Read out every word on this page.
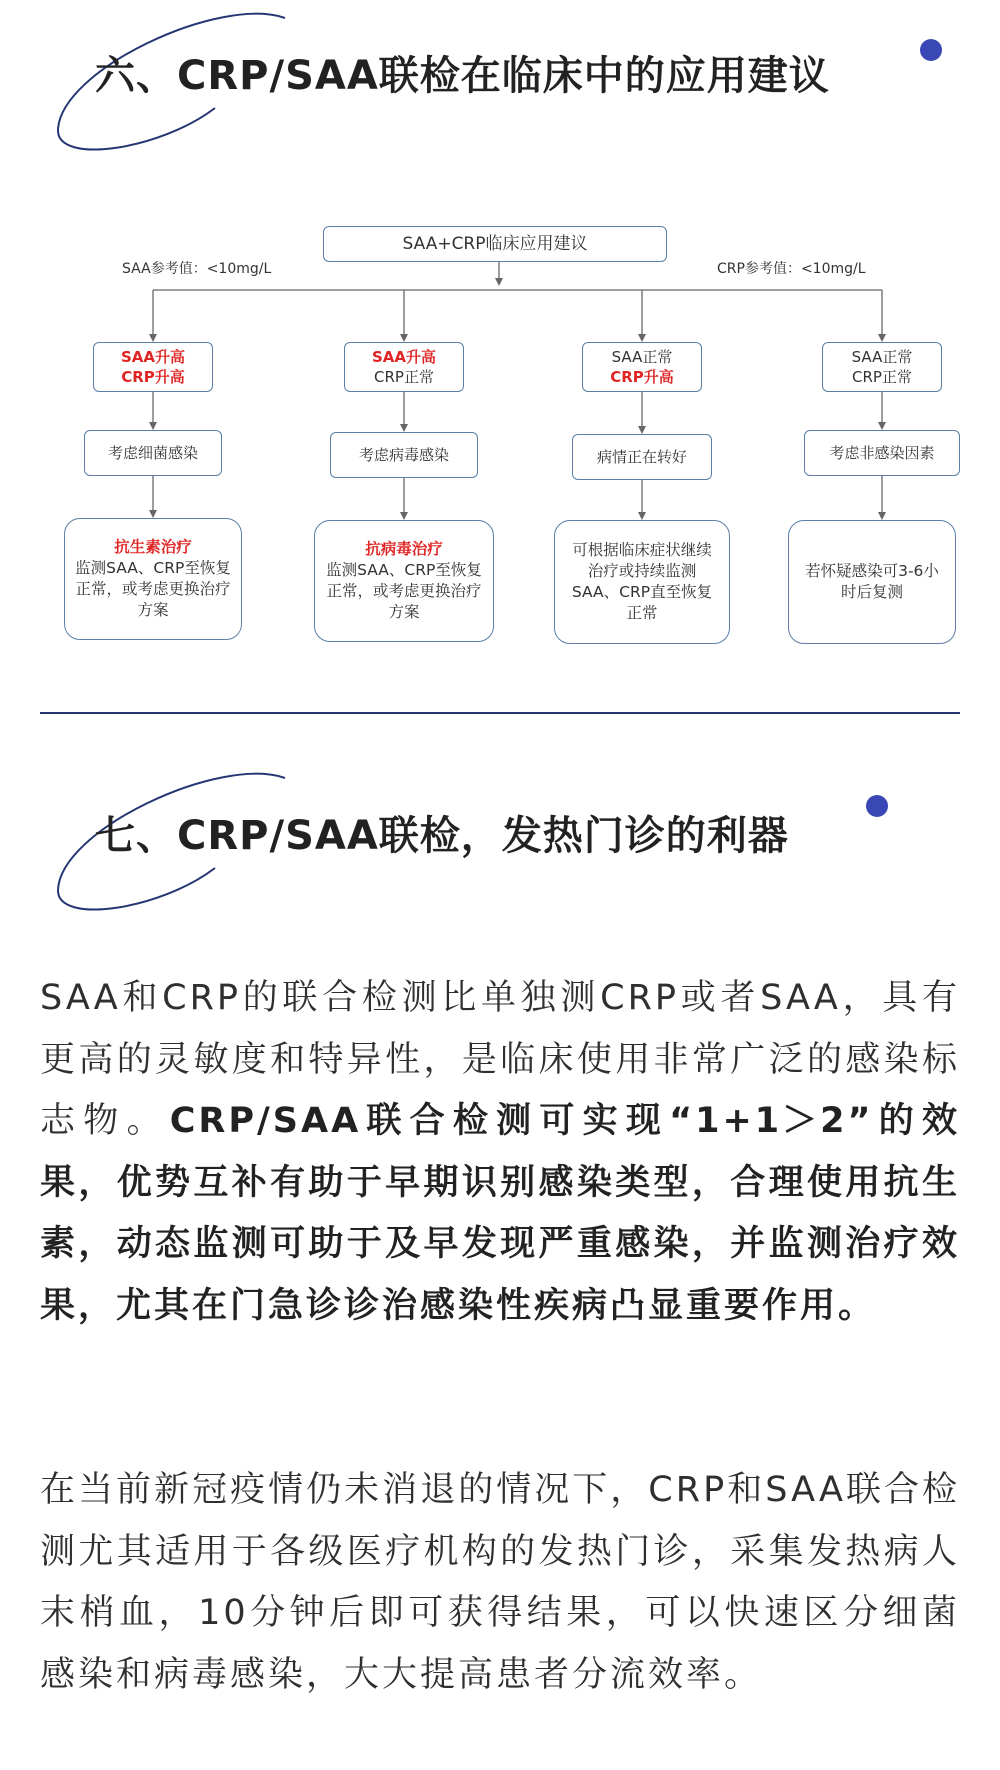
六、CRP/SAA联检在临床中的应用建议
SAA+CRP临床应用建议
SAA参考值：<10mg/L	CRP参考值：<10mg/L
SAA升高
CRP升高
考虑细菌感染
抗生素治疗
监测SAA、CRP至恢复正常，或考虑更换治疗方案
SAA升高
CRP正常
考虑病毒感染
抗病毒治疗
监测SAA、CRP至恢复正常，或考虑更换治疗方案
SAA正常
CRP升高
病情正在转好
可根据临床症状继续治疗或持续监测SAA、CRP直至恢复正常
SAA正常
CRP正常
考虑非感染因素
若怀疑感染可3-6小时后复测
七、CRP/SAA联检，发热门诊的利器

SAA和CRP的联合检测比单独测CRP或者SAA，具有更高的灵敏度和特异性，是临床使用非常广泛的感染标志物。CRP/SAA联合检测可实现“1+1＞2”的效果，优势互补有助于早期识别感染类型，合理使用抗生素，动态监测可助于及早发现严重感染，并监测治疗效果，尤其在门急诊诊治感染性疾病凸显重要作用。

在当前新冠疫情仍未消退的情况下，CRP和SAA联合检测尤其适用于各级医疗机构的发热门诊，采集发热病人末梢血，10分钟后即可获得结果，可以快速区分细菌感染和病毒感染，大大提高患者分流效率。
